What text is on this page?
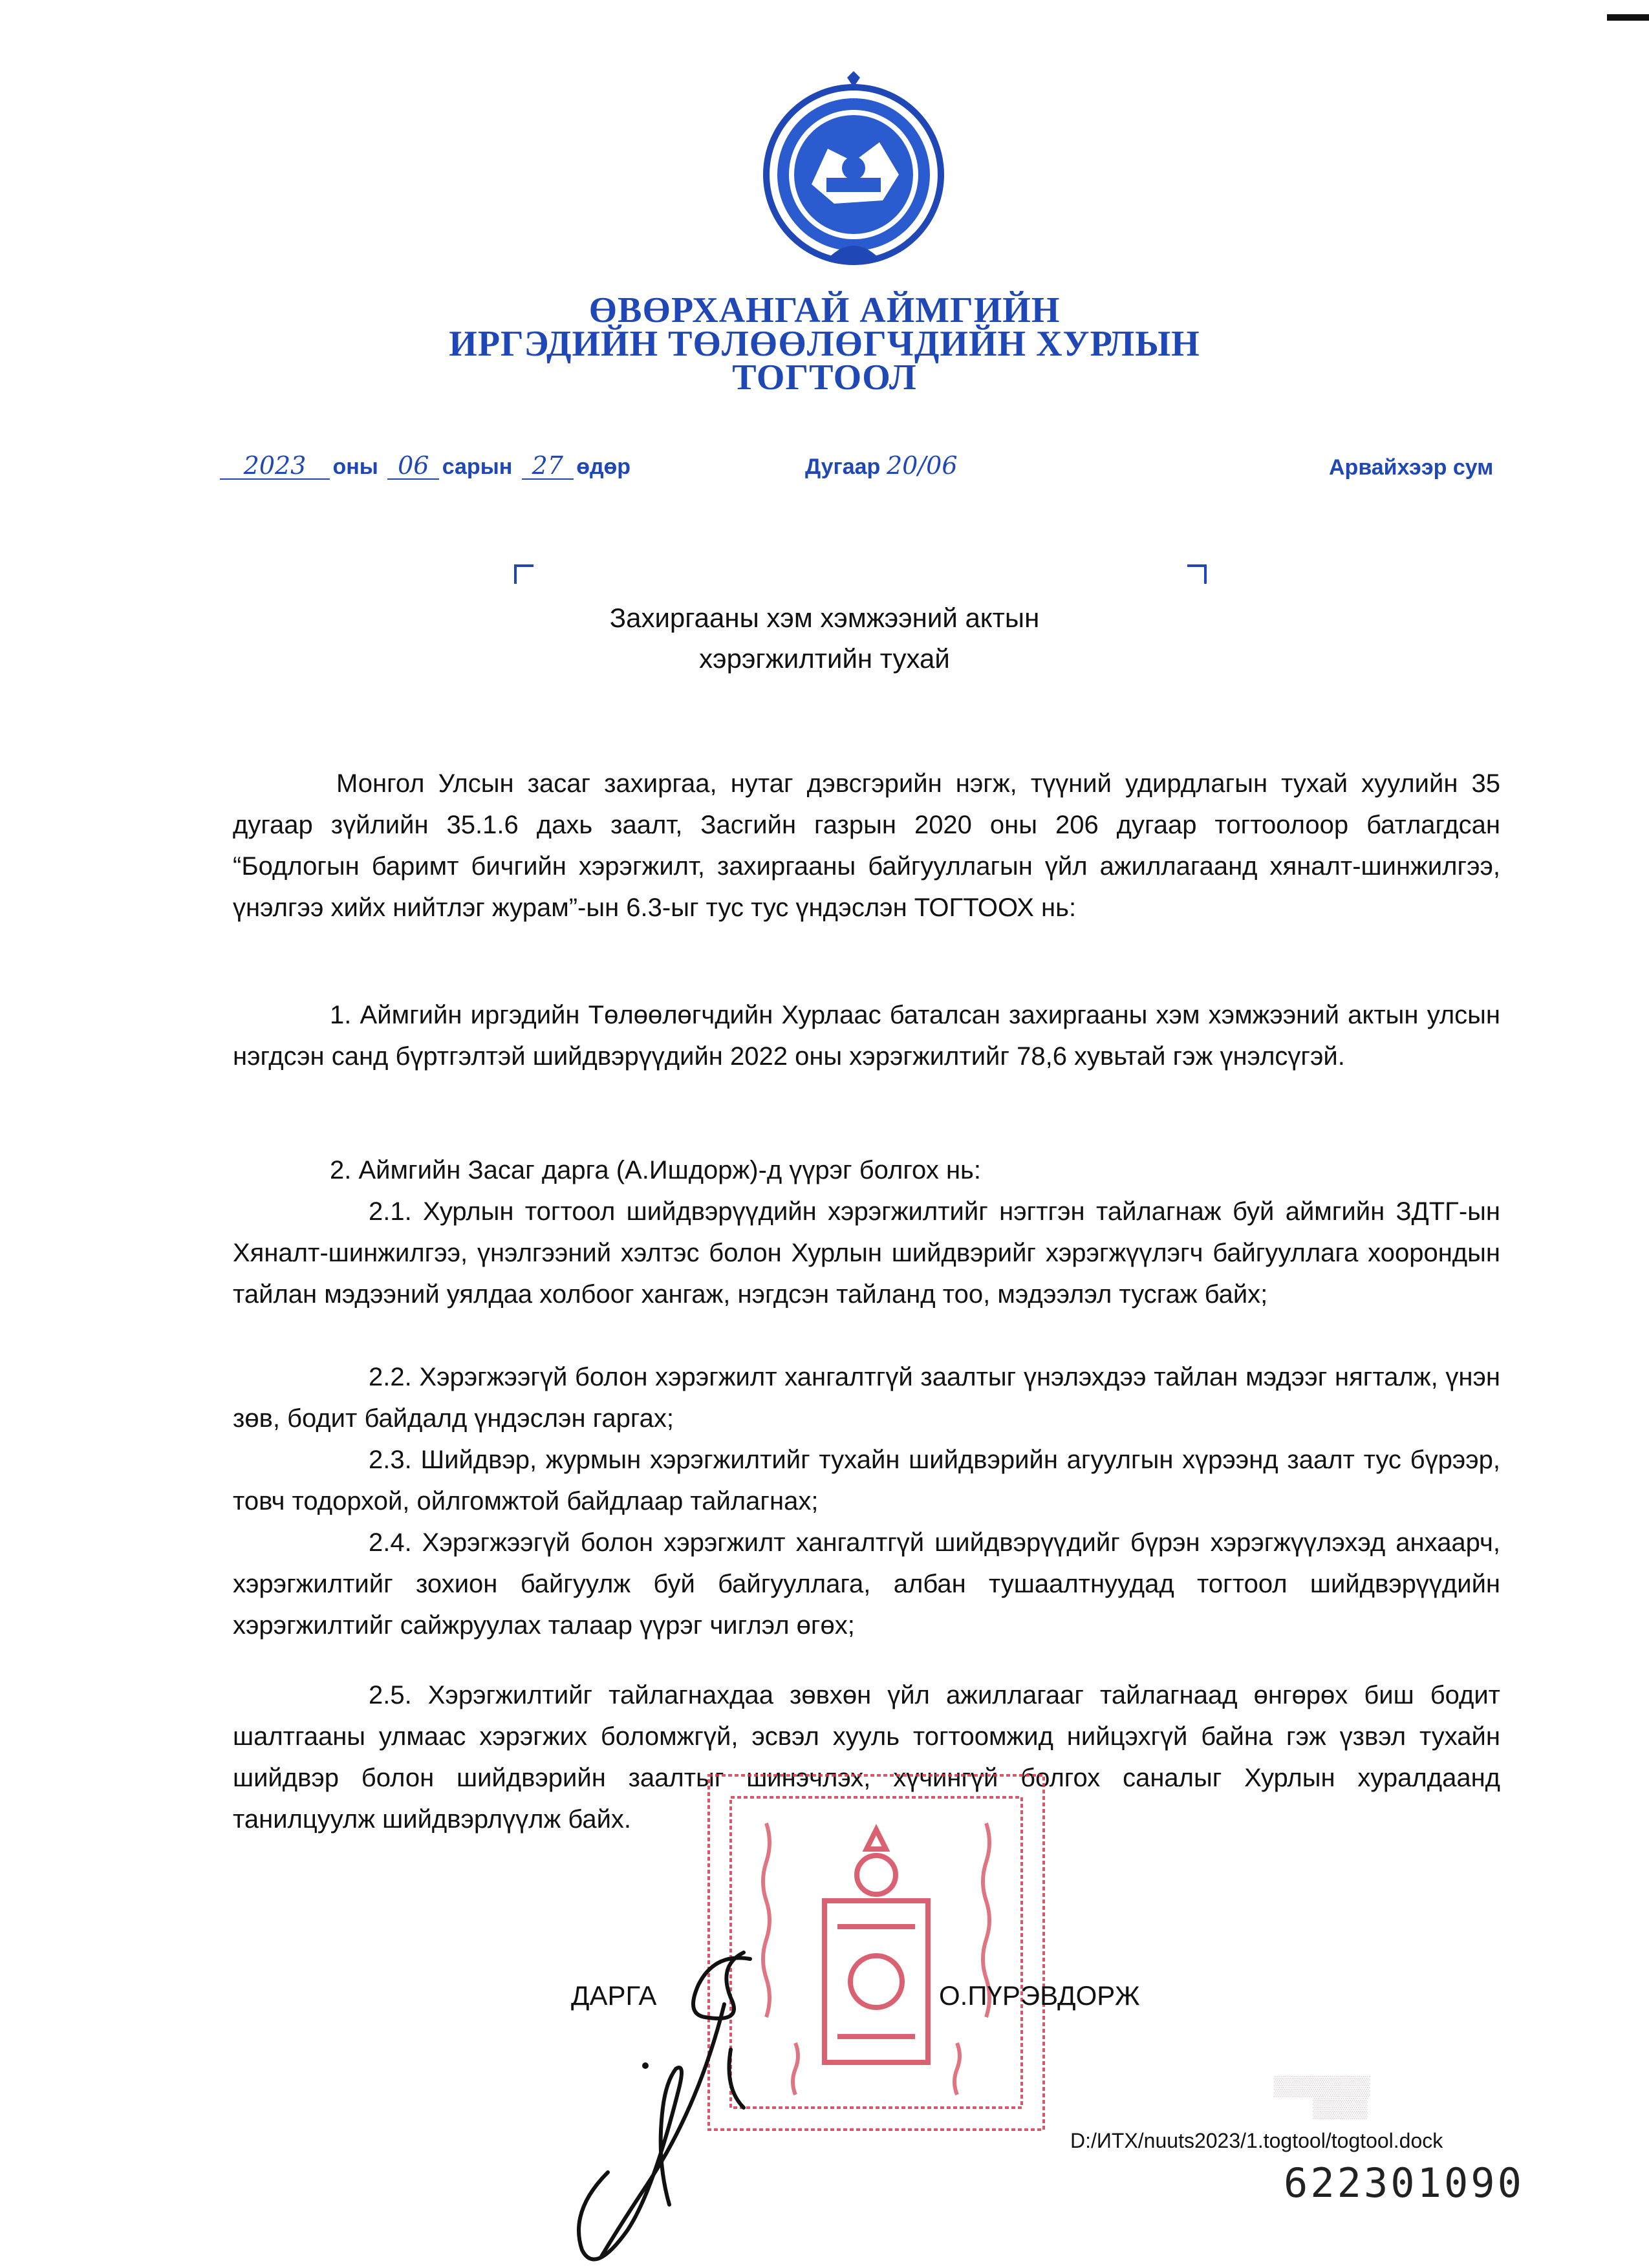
ӨВӨРХАНГАЙ АЙМГИЙН
ИРГЭДИЙН ТӨЛӨӨЛӨГЧДИЙН ХУРЛЫН
ТОГТООЛ
2023 оны 06 сарын 27 өдөр	Дугаар 20/06	Арвайхээр сум
Захиргааны хэм хэмжээний актын
хэрэгжилтийн тухай
Монгол Улсын засаг захиргаа, нутаг дэвсгэрийн нэгж, түүний удирдлагын тухай хуулийн 35 дугаар зүйлийн 35.1.6 дахь заалт, Засгийн газрын 2020 оны 206 дугаар тогтоолоор батлагдсан “Бодлогын баримт бичгийн хэрэгжилт, захиргааны байгууллагын үйл ажиллагаанд хяналт-шинжилгээ, үнэлгээ хийх нийтлэг журам”-ын 6.3-ыг тус тус үндэслэн ТОГТООХ нь:
1. Аймгийн иргэдийн Төлөөлөгчдийн Хурлаас баталсан захиргааны хэм хэмжээний актын улсын нэгдсэн санд бүртгэлтэй шийдвэрүүдийн 2022 оны хэрэгжилтийг 78,6 хувьтай гэж үнэлсүгэй.
2. Аймгийн Засаг дарга (А.Ишдорж)-д үүрэг болгох нь:
2.1. Хурлын тогтоол шийдвэрүүдийн хэрэгжилтийг нэгтгэн тайлагнаж буй аймгийн ЗДТГ-ын Хяналт-шинжилгээ, үнэлгээний хэлтэс болон Хурлын шийдвэрийг хэрэгжүүлэгч байгууллага хоорондын тайлан мэдээний уялдаа холбоог хангаж, нэгдсэн тайланд тоо, мэдээлэл тусгаж байх;
2.2. Хэрэгжээгүй болон хэрэгжилт хангалтгүй заалтыг үнэлэхдээ тайлан мэдээг нягталж, үнэн зөв, бодит байдалд үндэслэн гаргах;
2.3. Шийдвэр, журмын хэрэгжилтийг тухайн шийдвэрийн агуулгын хүрээнд заалт тус бүрээр, товч тодорхой, ойлгомжтой байдлаар тайлагнах;
2.4. Хэрэгжээгүй болон хэрэгжилт хангалтгүй шийдвэрүүдийг бүрэн хэрэгжүүлэхэд анхаарч, хэрэгжилтийг зохион байгуулж буй байгууллага, албан тушаалтнуудад тогтоол шийдвэрүүдийн хэрэгжилтийг сайжруулах талаар үүрэг чиглэл өгөх;
2.5. Хэрэгжилтийг тайлагнахдаа зөвхөн үйл ажиллагааг тайлагнаад өнгөрөх биш бодит шалтгааны улмаас хэрэгжих боломжгүй, эсвэл хууль тогтоомжид нийцэхгүй байна гэж үзвэл тухайн шийдвэр болон шийдвэрийн заалтыг шинэчлэх, хүчингүй болгох саналыг Хурлын хуралдаанд танилцуулж шийдвэрлүүлж байх.
ДАРГА	О.ПҮРЭВДОРЖ
▒▒▒▒▒▒▒
▒▒▒▒
D:/ИТХ/nuuts2023/1.togtool/togtool.dock
622301090
